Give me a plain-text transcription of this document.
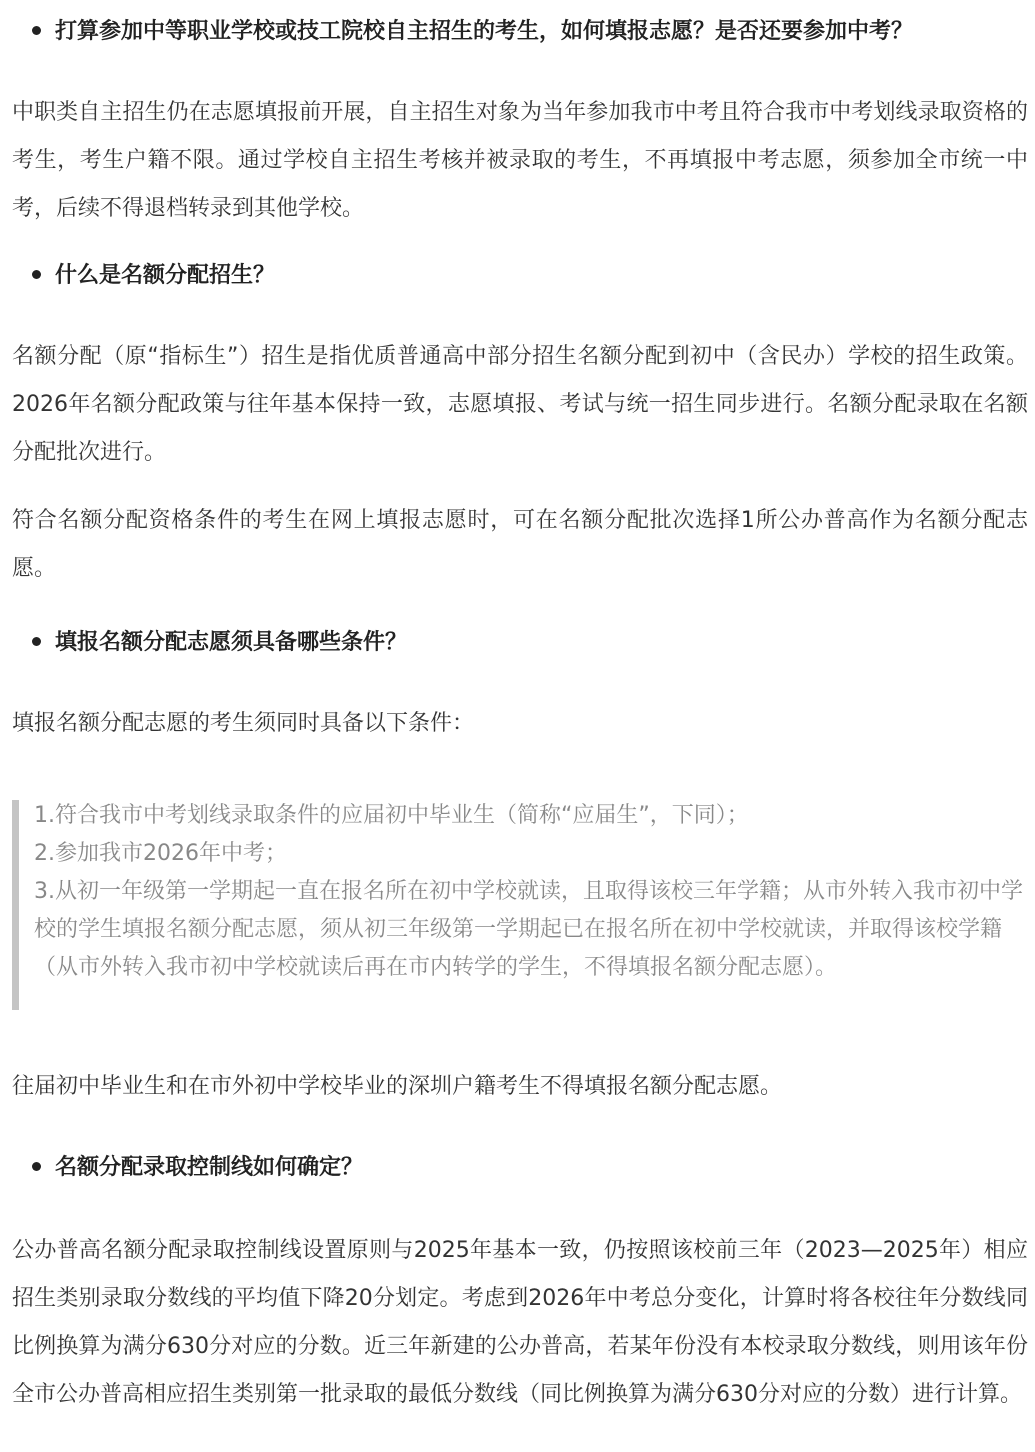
打算参加中等职业学校或技工院校自主招生的考生，如何填报志愿？是否还要参加中考？

中职类自主招生仍在志愿填报前开展，自主招生对象为当年参加我市中考且符合我市中考划线录取资格的考生，考生户籍不限。通过学校自主招生考核并被录取的考生，不再填报中考志愿，须参加全市统一中考，后续不得退档转录到其他学校。

什么是名额分配招生？

名额分配（原“指标生”）招生是指优质普通高中部分招生名额分配到初中（含民办）学校的招生政策。2026年名额分配政策与往年基本保持一致，志愿填报、考试与统一招生同步进行。名额分配录取在名额分配批次进行。

符合名额分配资格条件的考生在网上填报志愿时，可在名额分配批次选择1所公办普高作为名额分配志愿。

填报名额分配志愿须具备哪些条件？

填报名额分配志愿的考生须同时具备以下条件：

1.符合我市中考划线录取条件的应届初中毕业生（简称“应届生”，下同）；
2.参加我市2026年中考；
3.从初一年级第一学期起一直在报名所在初中学校就读，且取得该校三年学籍；从市外转入我市初中学校的学生填报名额分配志愿，须从初三年级第一学期起已在报名所在初中学校就读，并取得该校学籍（从市外转入我市初中学校就读后再在市内转学的学生，不得填报名额分配志愿）。

往届初中毕业生和在市外初中学校毕业的深圳户籍考生不得填报名额分配志愿。

名额分配录取控制线如何确定？

公办普高名额分配录取控制线设置原则与2025年基本一致，仍按照该校前三年（2023—2025年）相应招生类别录取分数线的平均值下降20分划定。考虑到2026年中考总分变化，计算时将各校往年分数线同比例换算为满分630分对应的分数。近三年新建的公办普高，若某年份没有本校录取分数线，则用该年份全市公办普高相应招生类别第一批录取的最低分数线（同比例换算为满分630分对应的分数）进行计算。
